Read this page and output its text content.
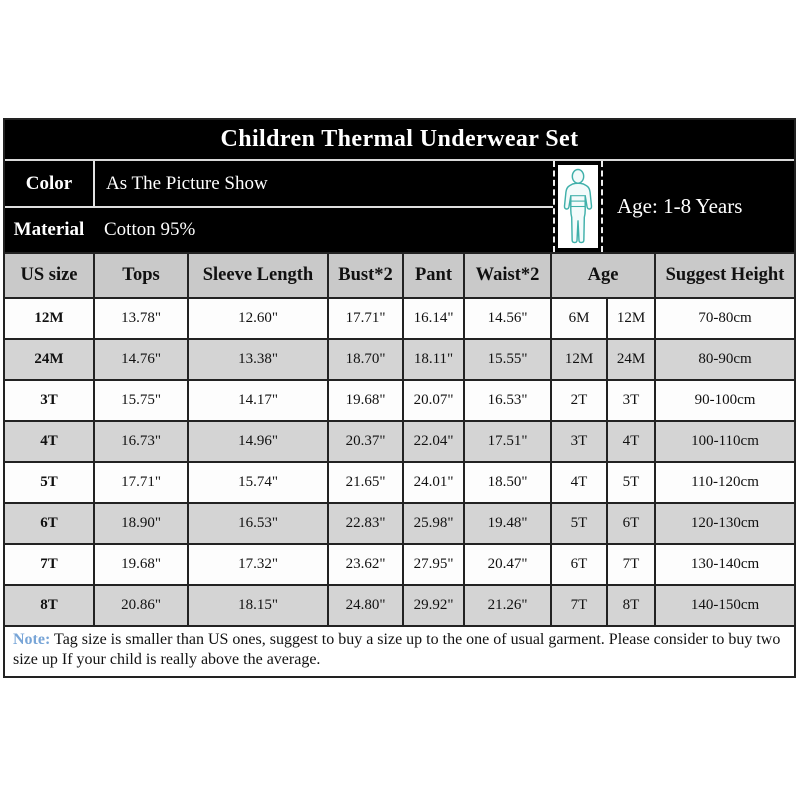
Children Thermal Underwear Set
Color	As The Picture Show
Material	Cotton 95%
Age: 1-8 Years
US size	Tops	Sleeve Length	Bust*2	Pant	Waist*2	Age	Suggest Height
12M	13.78"	12.60"	17.71"	16.14"	14.56"	6M	12M	70-80cm
24M	14.76"	13.38"	18.70"	18.11"	15.55"	12M	24M	80-90cm
3T	15.75"	14.17"	19.68"	20.07"	16.53"	2T	3T	90-100cm
4T	16.73"	14.96"	20.37"	22.04"	17.51"	3T	4T	100-110cm
5T	17.71"	15.74"	21.65"	24.01"	18.50"	4T	5T	110-120cm
6T	18.90"	16.53"	22.83"	25.98"	19.48"	5T	6T	120-130cm
7T	19.68"	17.32"	23.62"	27.95"	20.47"	6T	7T	130-140cm
8T	20.86"	18.15"	24.80"	29.92"	21.26"	7T	8T	140-150cm
Note: Tag size is smaller than US ones, suggest to buy a size up to the one of usual garment. Please consider to buy two size up If your child is really above the average.
